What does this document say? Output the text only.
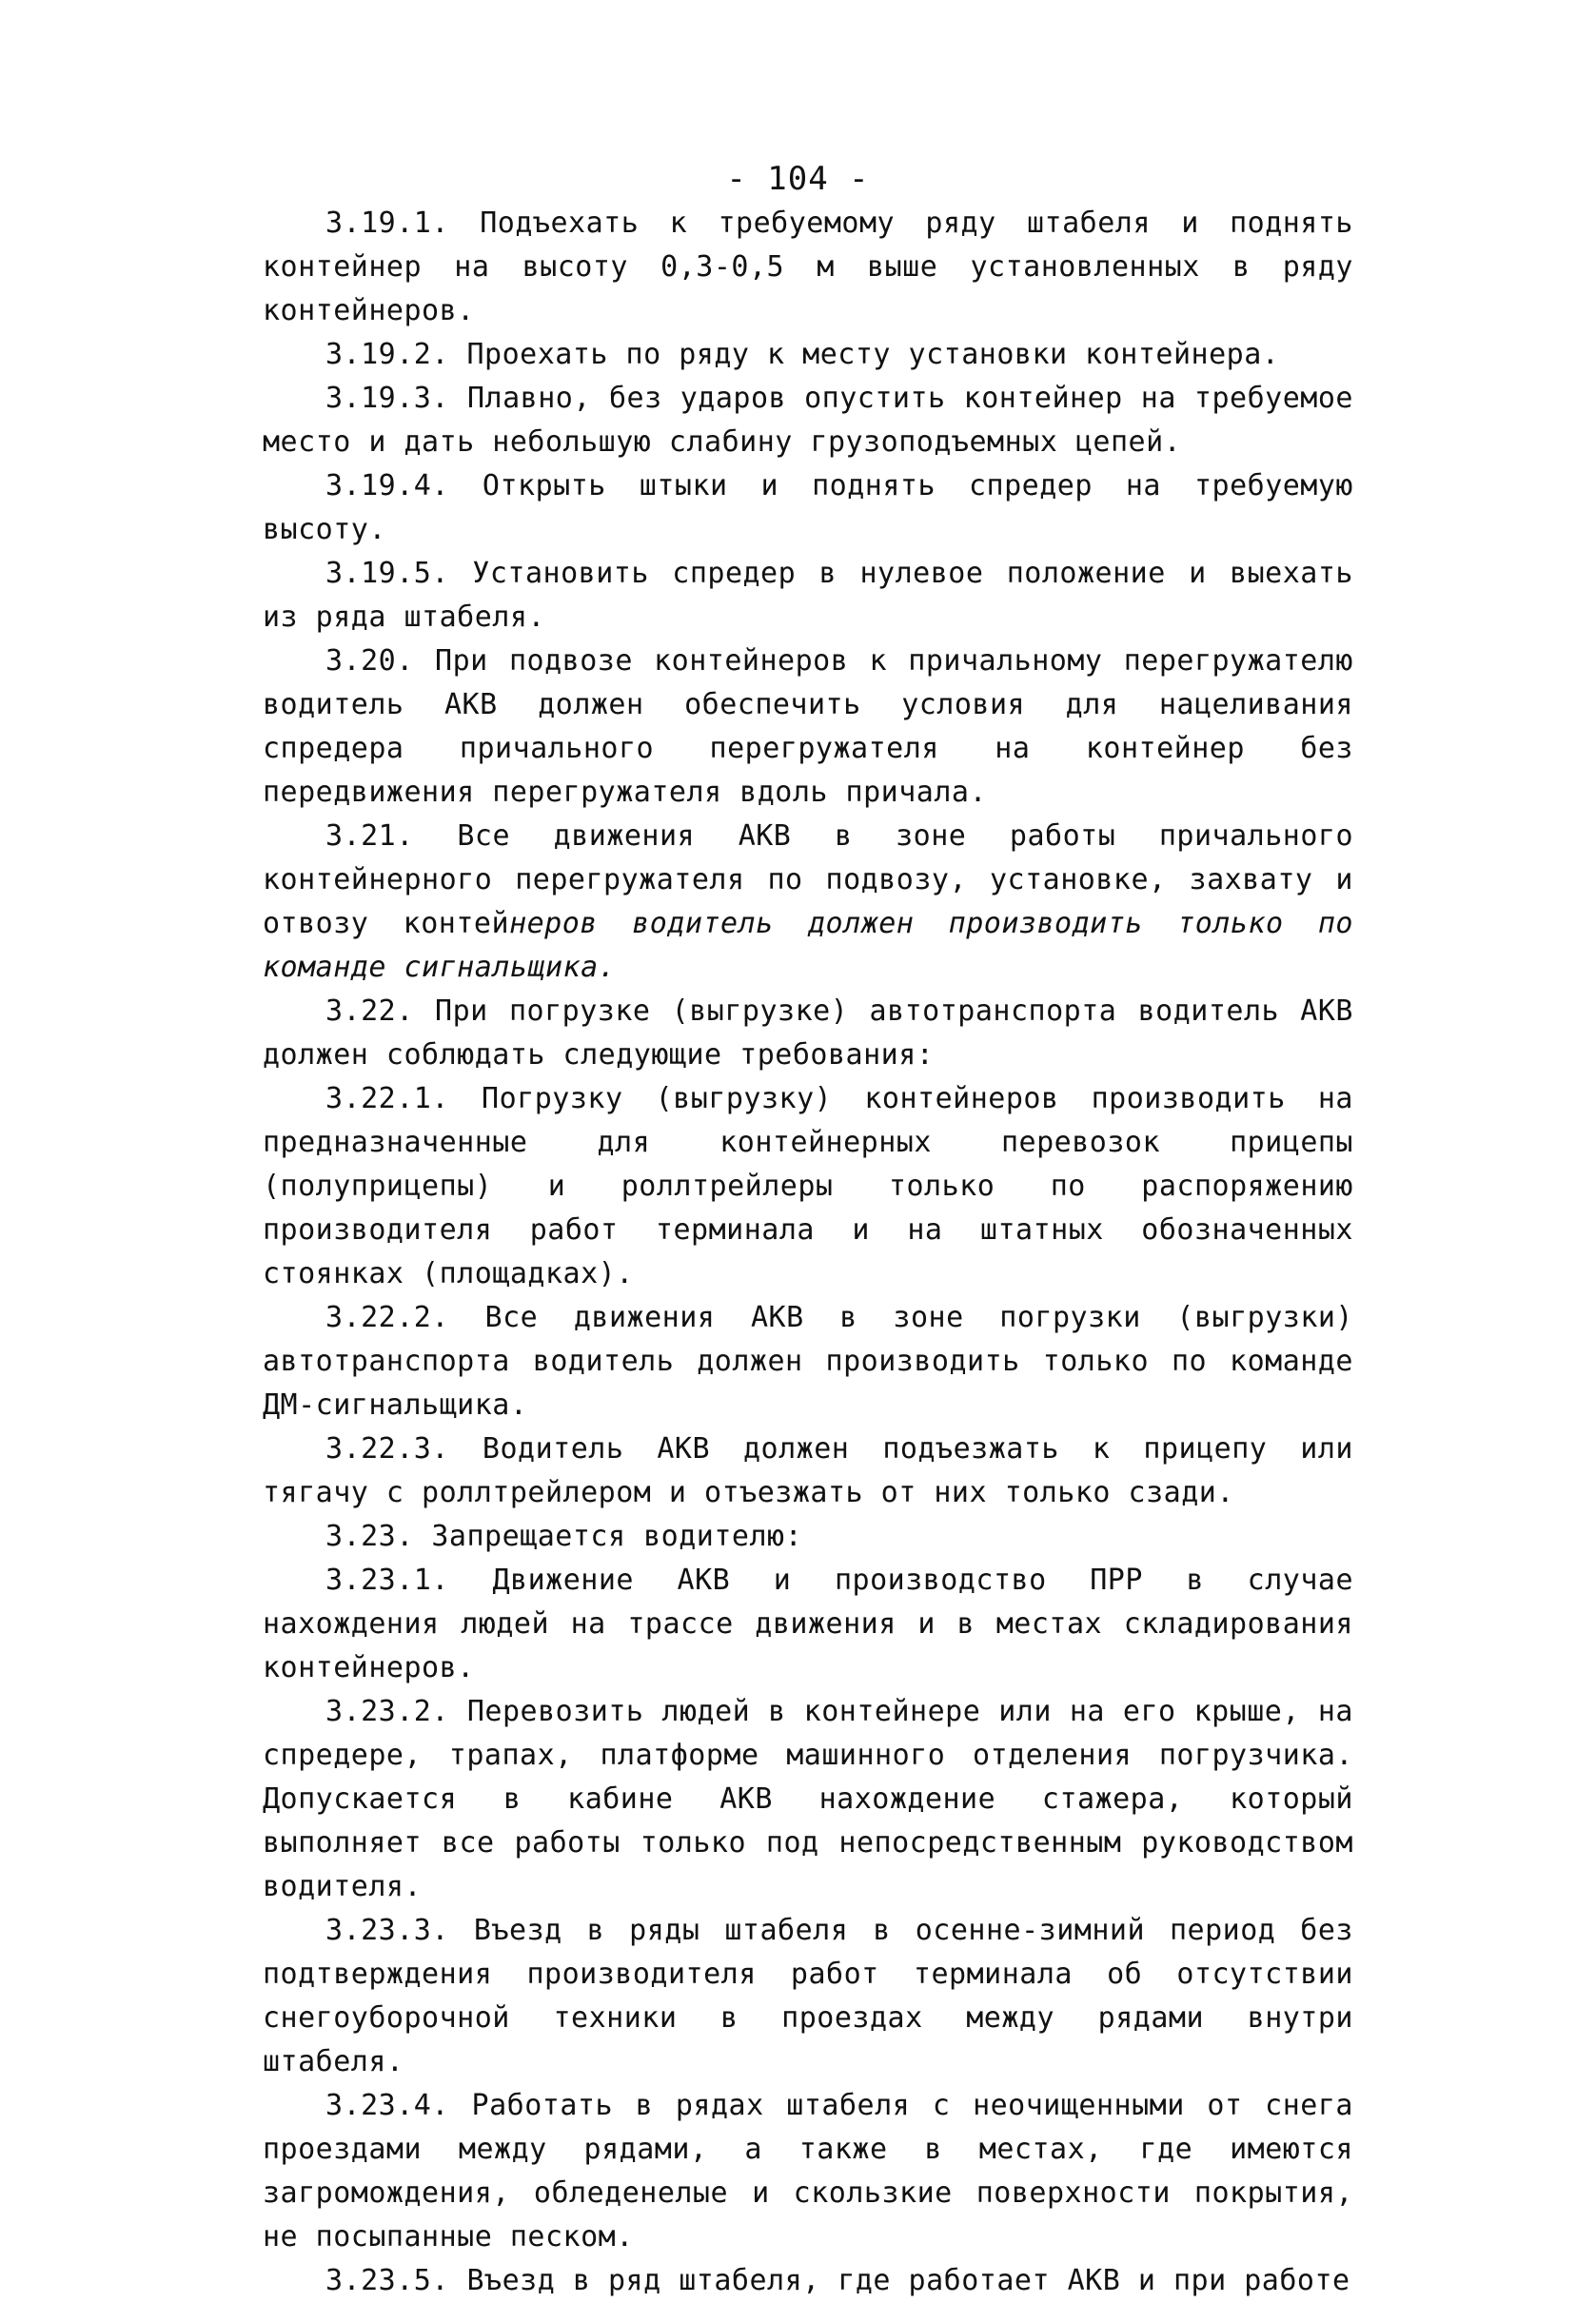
- 104 -

3.19.1. Подъехать к требуемому ряду штабеля и поднять контейнер на высоту 0,3-0,5 м выше установленных в ряду контейнеров.

3.19.2. Проехать по ряду к месту установки контейнера.

3.19.3. Плавно, без ударов опустить контейнер на требуемое место и дать небольшую слабину грузоподъемных цепей.

3.19.4. Открыть штыки и поднять спредер на требуемую высоту.

3.19.5. Установить спредер в нулевое положение и выехать из ряда штабеля.

3.20. При подвозе контейнеров к причальному перегружателю водитель АКВ должен обеспечить условия для нацеливания спредера причального перегружателя на контейнер без передвижения перегружателя вдоль причала.

3.21. Все движения АКВ в зоне работы причального контейнерного перегружателя по подвозу, установке, захвату и отвозу контейнеров водитель должен производить только по команде сигнальщика.

3.22. При погрузке (выгрузке) автотранспорта водитель АКВ должен соблюдать следующие требования:

3.22.1. Погрузку (выгрузку) контейнеров производить на предназначенные для контейнерных перевозок прицепы (полуприцепы) и роллтрейлеры только по распоряжению производителя работ терминала и на штатных обозначенных стоянках (площадках).

3.22.2. Все движения АКВ в зоне погрузки (выгрузки) автотранспорта водитель должен производить только по команде ДМ-сигнальщика.

3.22.3. Водитель АКВ должен подъезжать к прицепу или тягачу с роллтрейлером и отъезжать от них только сзади.

3.23. Запрещается водителю:

3.23.1. Движение АКВ и производство ПРР в случае нахождения людей на трассе движения и в местах складирования контейнеров.

3.23.2. Перевозить людей в контейнере или на его крыше, на спредере, трапах, платформе машинного отделения погрузчика. Допускается в кабине АКВ нахождение стажера, который выполняет все работы только под непосредственным руководством водителя.

3.23.3. Въезд в ряды штабеля в осенне-зимний период без подтверждения производителя работ терминала об отсутствии снегоуборочной техники в проездах между рядами внутри штабеля.

3.23.4. Работать в рядах штабеля с неочищенными от снега проездами между рядами, а также в местах, где имеются загромождения, обледенелые и скользкие поверхности покрытия, не посыпанные песком.

3.23.5. Въезд в ряд штабеля, где работает АКВ и при работе
